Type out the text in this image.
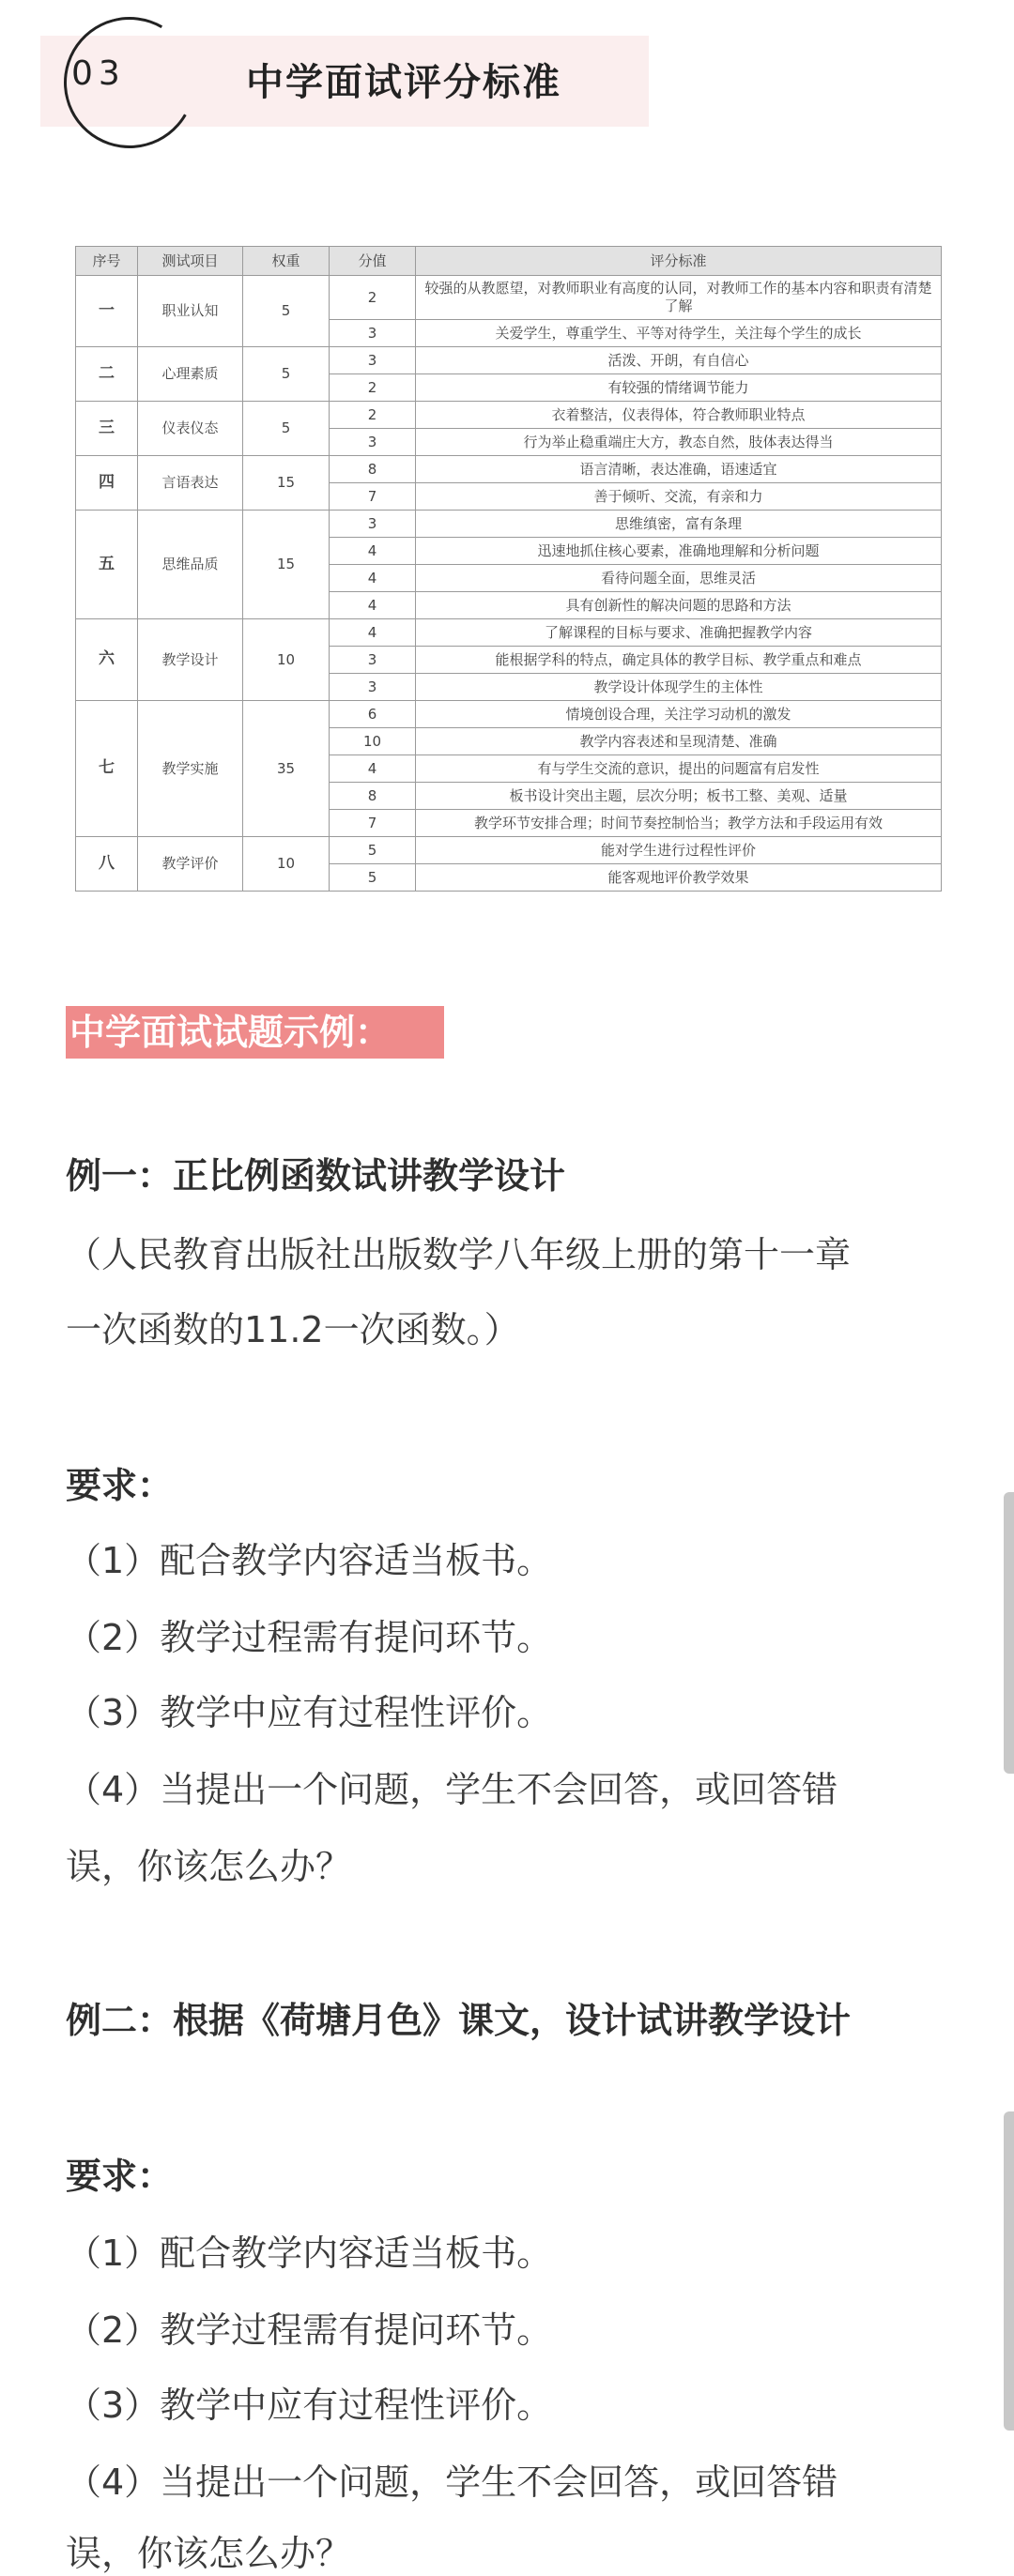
03	中学面试评分标准
序号	测试项目	权重	分值	评分标准
一	职业认知	5	2	较强的从教愿望，对教师职业有高度的认同，对教师工作的基本内容和职责有清楚了解
			3	关爱学生，尊重学生、平等对待学生，关注每个学生的成长
二	心理素质	5	3	活泼、开朗，有自信心
			2	有较强的情绪调节能力
三	仪表仪态	5	2	衣着整洁，仪表得体，符合教师职业特点
			3	行为举止稳重端庄大方，教态自然，肢体表达得当
四	言语表达	15	8	语言清晰，表达准确，语速适宜
			7	善于倾听、交流，有亲和力
五	思维品质	15	3	思维缜密，富有条理
			4	迅速地抓住核心要素，准确地理解和分析问题
			4	看待问题全面，思维灵活
			4	具有创新性的解决问题的思路和方法
六	教学设计	10	4	了解课程的目标与要求、准确把握教学内容
			3	能根据学科的特点，确定具体的教学目标、教学重点和难点
			3	教学设计体现学生的主体性
七	教学实施	35	6	情境创设合理，关注学习动机的激发
			10	教学内容表述和呈现清楚、准确
			4	有与学生交流的意识，提出的问题富有启发性
			8	板书设计突出主题，层次分明；板书工整、美观、适量
			7	教学环节安排合理；时间节奏控制恰当；教学方法和手段运用有效
八	教学评价	10	5	能对学生进行过程性评价
			5	能客观地评价教学效果
中学面试试题示例：
例一：正比例函数试讲教学设计
（人民教育出版社出版数学八年级上册的第十一章
一次函数的11.2一次函数。）
要求：
（1）配合教学内容适当板书。
（2）教学过程需有提问环节。
（3）教学中应有过程性评价。
（4）当提出一个问题，学生不会回答，或回答错
误，你该怎么办？
例二：根据《荷塘月色》课文，设计试讲教学设计
要求：
（1）配合教学内容适当板书。
（2）教学过程需有提问环节。
（3）教学中应有过程性评价。
（4）当提出一个问题，学生不会回答，或回答错
误，你该怎么办？
